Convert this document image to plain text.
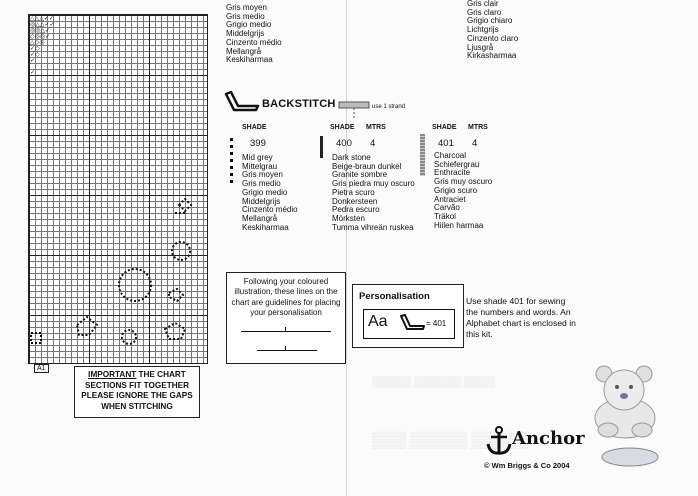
▒▒▒▒▒ ▒▒▒▒▒▒ ▒▒▒▒
▒▒▒ ▒▒▒▒▒ ▒▒▒▒▒
△△△✓✓
◎△△✓✓
◎◎△✓
◇◎◎✓
△◇◎
✓◇
✓◇
✓
✓
A1
Gris moyen
Gris medio
Grigio medio
Middelgrijs
Cinzento médio
Mellangrå
Keskiharmaa
Gris clair
Gris claro
Grigio chiaro
Lichtgrijs
Cinzento claro
Ljusgrå
Kirkasharmaa
BACKSTITCH	use 1 strand
SHADE
399
Mid grey
Mittelgrau
Gris moyen
Gris medio
Grigio medio
Middelgrijs
Cinzento médio
Mellangrå
Keskiharmaa
SHADE MTRS
400 4
Dark stone
Beige-braun dunkel
Granite sombre
Gris piedra muy oscuro
Pietra scuro
Donkersteen
Pedra escuro
Mörksten
Tumma vihreän ruskea
SHADE MTRS
401 4
Charcoal
Schiefergrau
Enthracite
Gris muy oscuro
Grigio scuro
Antraciet
Carvão
Träkol
Hiilen harmaa
Following your coloured illustration, these lines on the chart are guidelines for placing your personalisation
Personalisation
Aa	= 401
Use shade 401 for sewing the numbers and words. An Alphabet chart is enclosed in this kit.
IMPORTANT THE CHART SECTIONS FIT TOGETHER PLEASE IGNORE THE GAPS WHEN STITCHING
Anchor
© Wm Briggs & Co 2004
